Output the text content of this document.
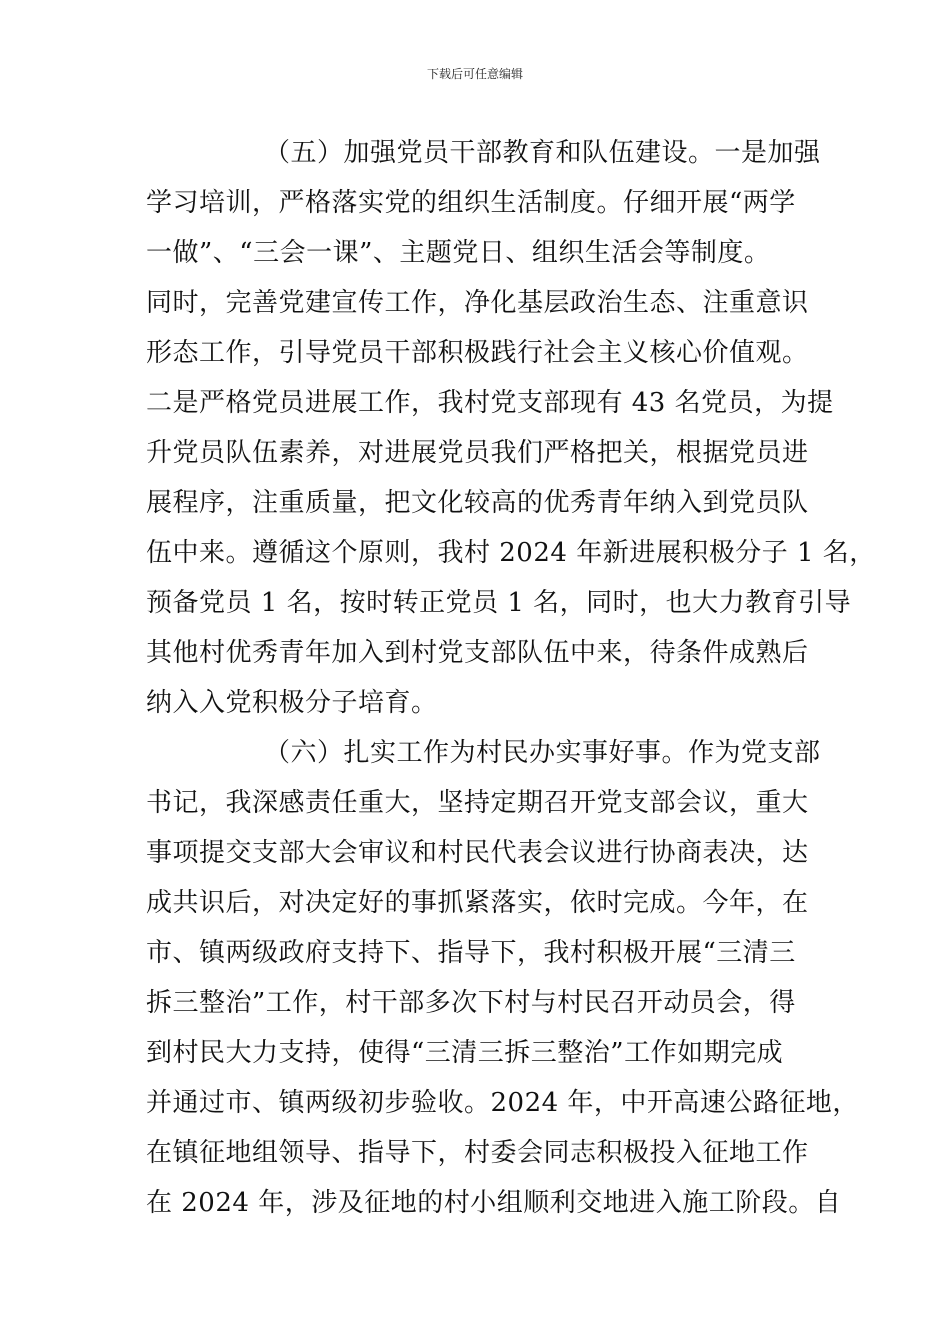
下载后可任意编辑
（五）加强党员干部教育和队伍建设。一是加强
学习培训，严格落实党的组织生活制度。仔细开展“两学
一做”、“三会一课”、主题党日、组织生活会等制度。
同时，完善党建宣传工作，净化基层政治生态、注重意识
形态工作，引导党员干部积极践行社会主义核心价值观。
二是严格党员进展工作，我村党支部现有 43 名党员，为提
升党员队伍素养，对进展党员我们严格把关，根据党员进
展程序，注重质量，把文化较高的优秀青年纳入到党员队
伍中来。遵循这个原则，我村 2024 年新进展积极分子 1 名，
预备党员 1 名，按时转正党员 1 名，同时，也大力教育引导
其他村优秀青年加入到村党支部队伍中来，待条件成熟后
纳入入党积极分子培育。
（六）扎实工作为村民办实事好事。作为党支部
书记，我深感责任重大，坚持定期召开党支部会议，重大
事项提交支部大会审议和村民代表会议进行协商表决，达
成共识后，对决定好的事抓紧落实，依时完成。今年，在
市、镇两级政府支持下、指导下，我村积极开展“三清三
拆三整治”工作，村干部多次下村与村民召开动员会，得
到村民大力支持，使得“三清三拆三整治”工作如期完成
并通过市、镇两级初步验收。2024 年，中开高速公路征地，
在镇征地组领导、指导下，村委会同志积极投入征地工作
在 2024 年，涉及征地的村小组顺利交地进入施工阶段。自
